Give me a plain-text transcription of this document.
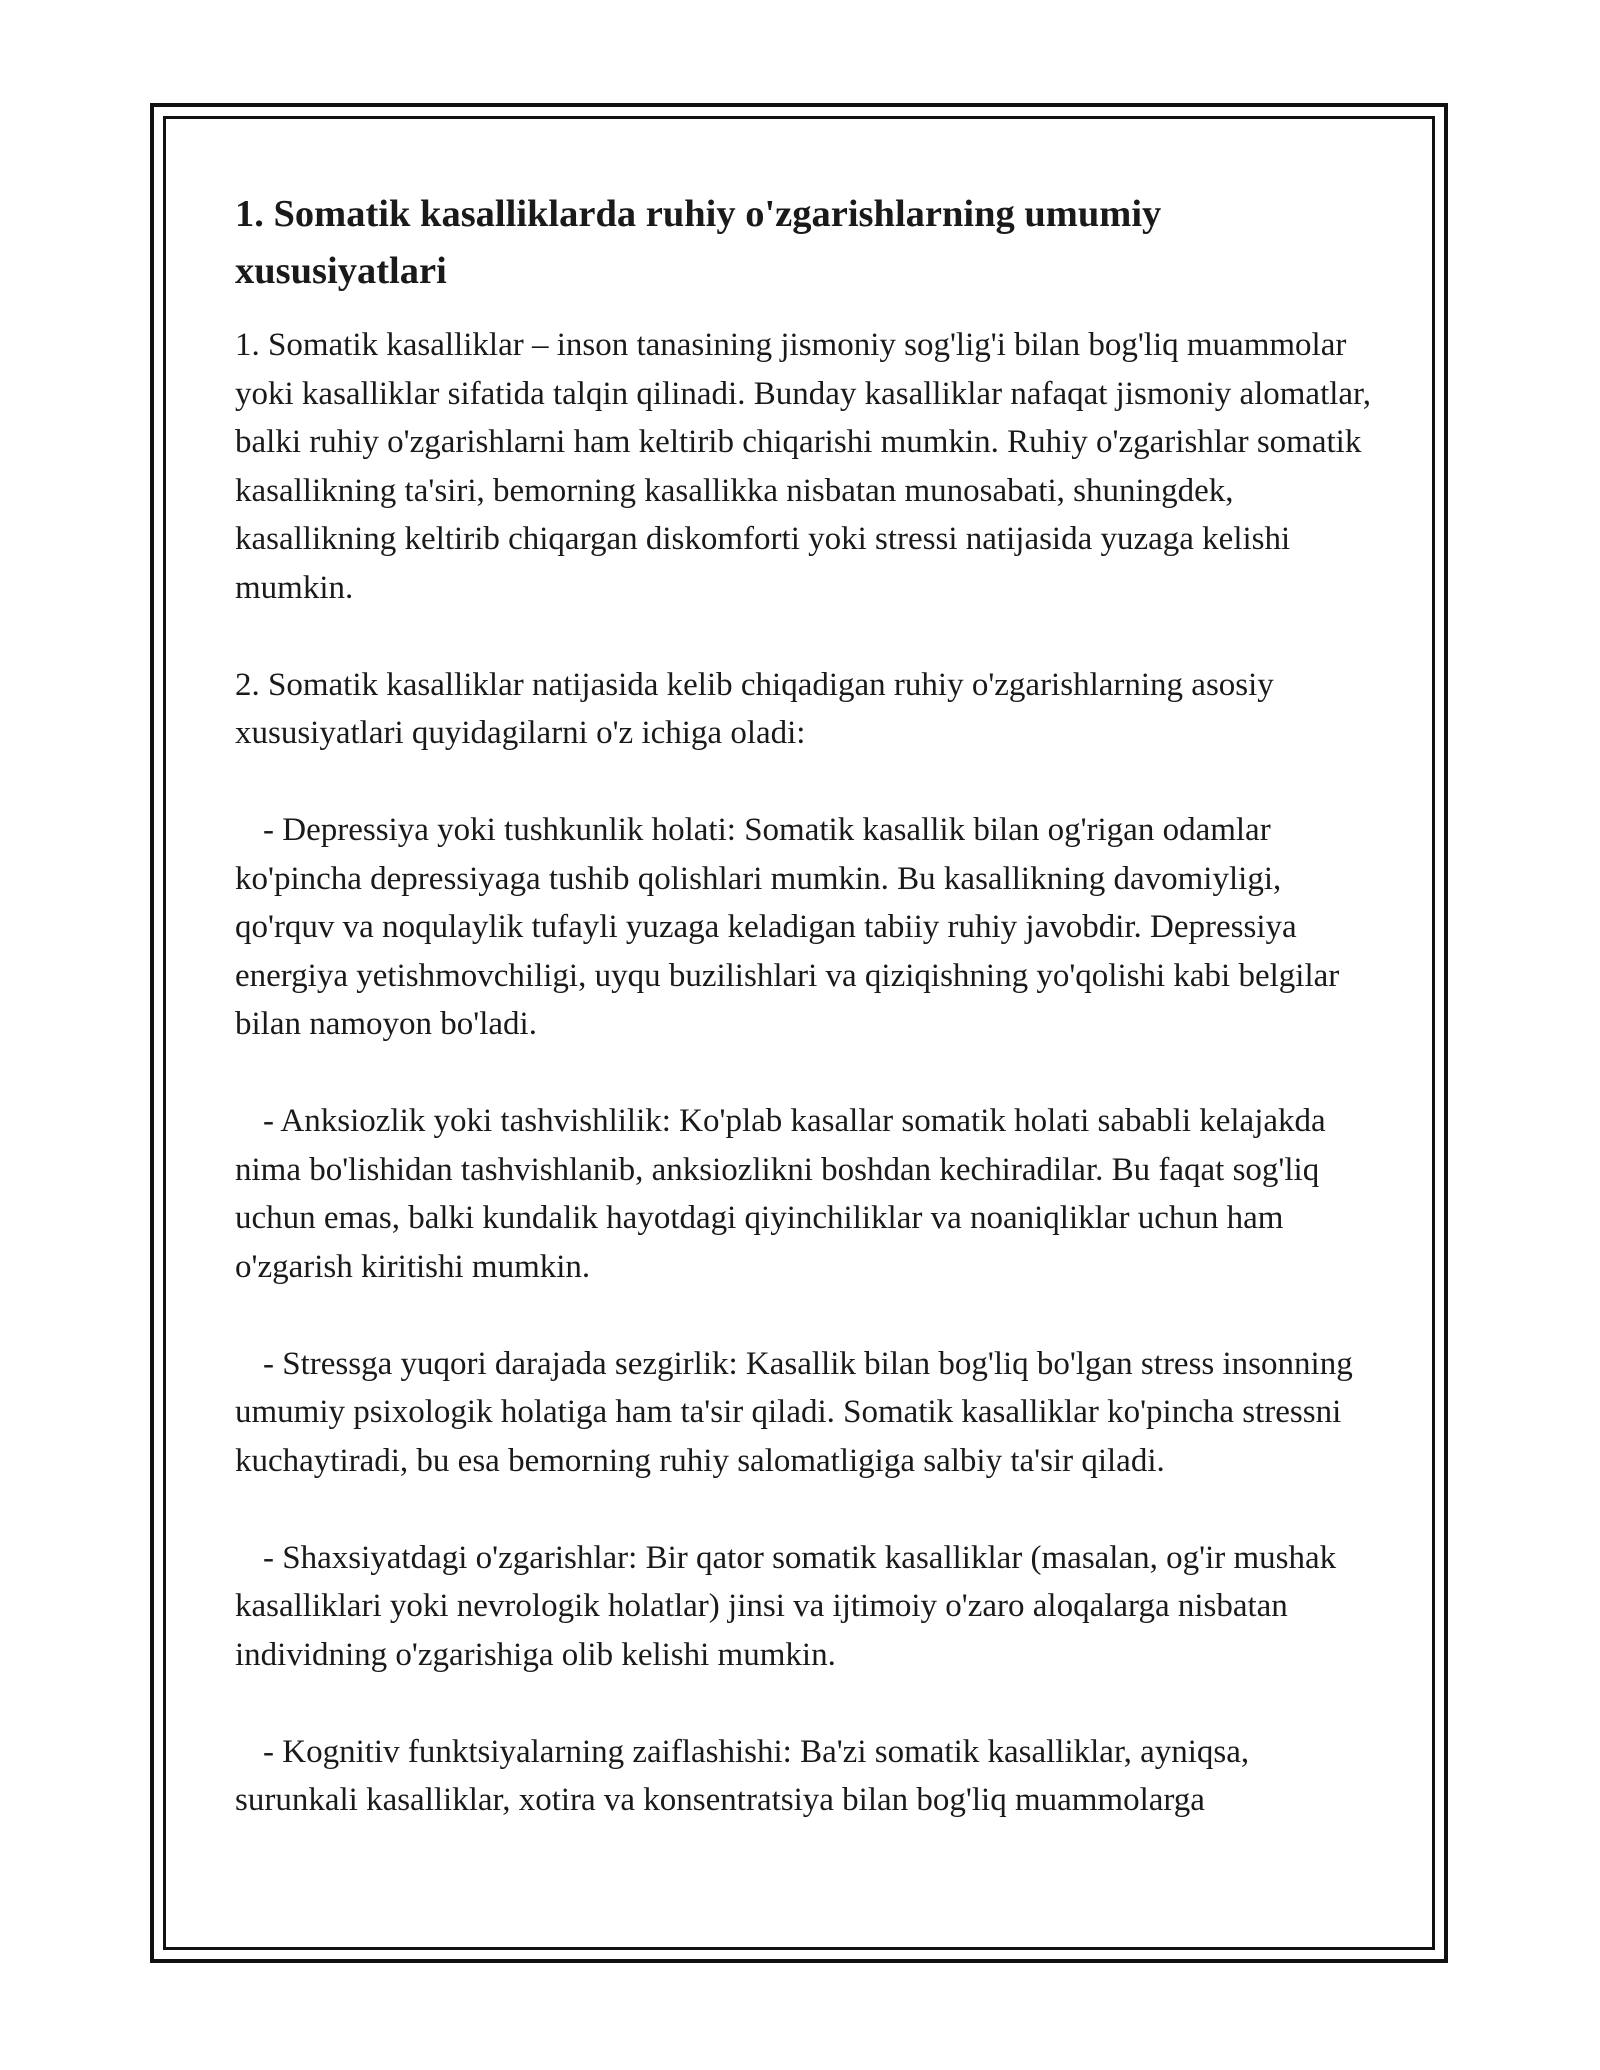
1. Somatik kasalliklarda ruhiy o'zgarishlarning umumiy xususiyatlari

1. Somatik kasalliklar – inson tanasining jismoniy sog'lig'i bilan bog'liq muammolar yoki kasalliklar sifatida talqin qilinadi. Bunday kasalliklar nafaqat jismoniy alomatlar, balki ruhiy o'zgarishlarni ham keltirib chiqarishi mumkin. Ruhiy o'zgarishlar somatik kasallikning ta'siri, bemorning kasallikka nisbatan munosabati, shuningdek, kasallikning keltirib chiqargan diskomforti yoki stressi natijasida yuzaga kelishi mumkin.

2. Somatik kasalliklar natijasida kelib chiqadigan ruhiy o'zgarishlarning asosiy xususiyatlari quyidagilarni o'z ichiga oladi:

- Depressiya yoki tushkunlik holati: Somatik kasallik bilan og'rigan odamlar ko'pincha depressiyaga tushib qolishlari mumkin. Bu kasallikning davomiyligi, qo'rquv va noqulaylik tufayli yuzaga keladigan tabiiy ruhiy javobdir. Depressiya energiya yetishmovchiligi, uyqu buzilishlari va qiziqishning yo'qolishi kabi belgilar bilan namoyon bo'ladi.

- Anksiozlik yoki tashvishlilik: Ko'plab kasallar somatik holati sababli kelajakda nima bo'lishidan tashvishlanib, anksiozlikni boshdan kechiradilar. Bu faqat sog'liq uchun emas, balki kundalik hayotdagi qiyinchiliklar va noaniqliklar uchun ham o'zgarish kiritishi mumkin.

- Stressga yuqori darajada sezgirlik: Kasallik bilan bog'liq bo'lgan stress insonning umumiy psixologik holatiga ham ta'sir qiladi. Somatik kasalliklar ko'pincha stressni kuchaytiradi, bu esa bemorning ruhiy salomatligiga salbiy ta'sir qiladi.

- Shaxsiyatdagi o'zgarishlar: Bir qator somatik kasalliklar (masalan, og'ir mushak kasalliklari yoki nevrologik holatlar) jinsi va ijtimoiy o'zaro aloqalarga nisbatan individning o'zgarishiga olib kelishi mumkin.

- Kognitiv funktsiyalarning zaiflashishi: Ba'zi somatik kasalliklar, ayniqsa, surunkali kasalliklar, xotira va konsentratsiya bilan bog'liq muammolarga
